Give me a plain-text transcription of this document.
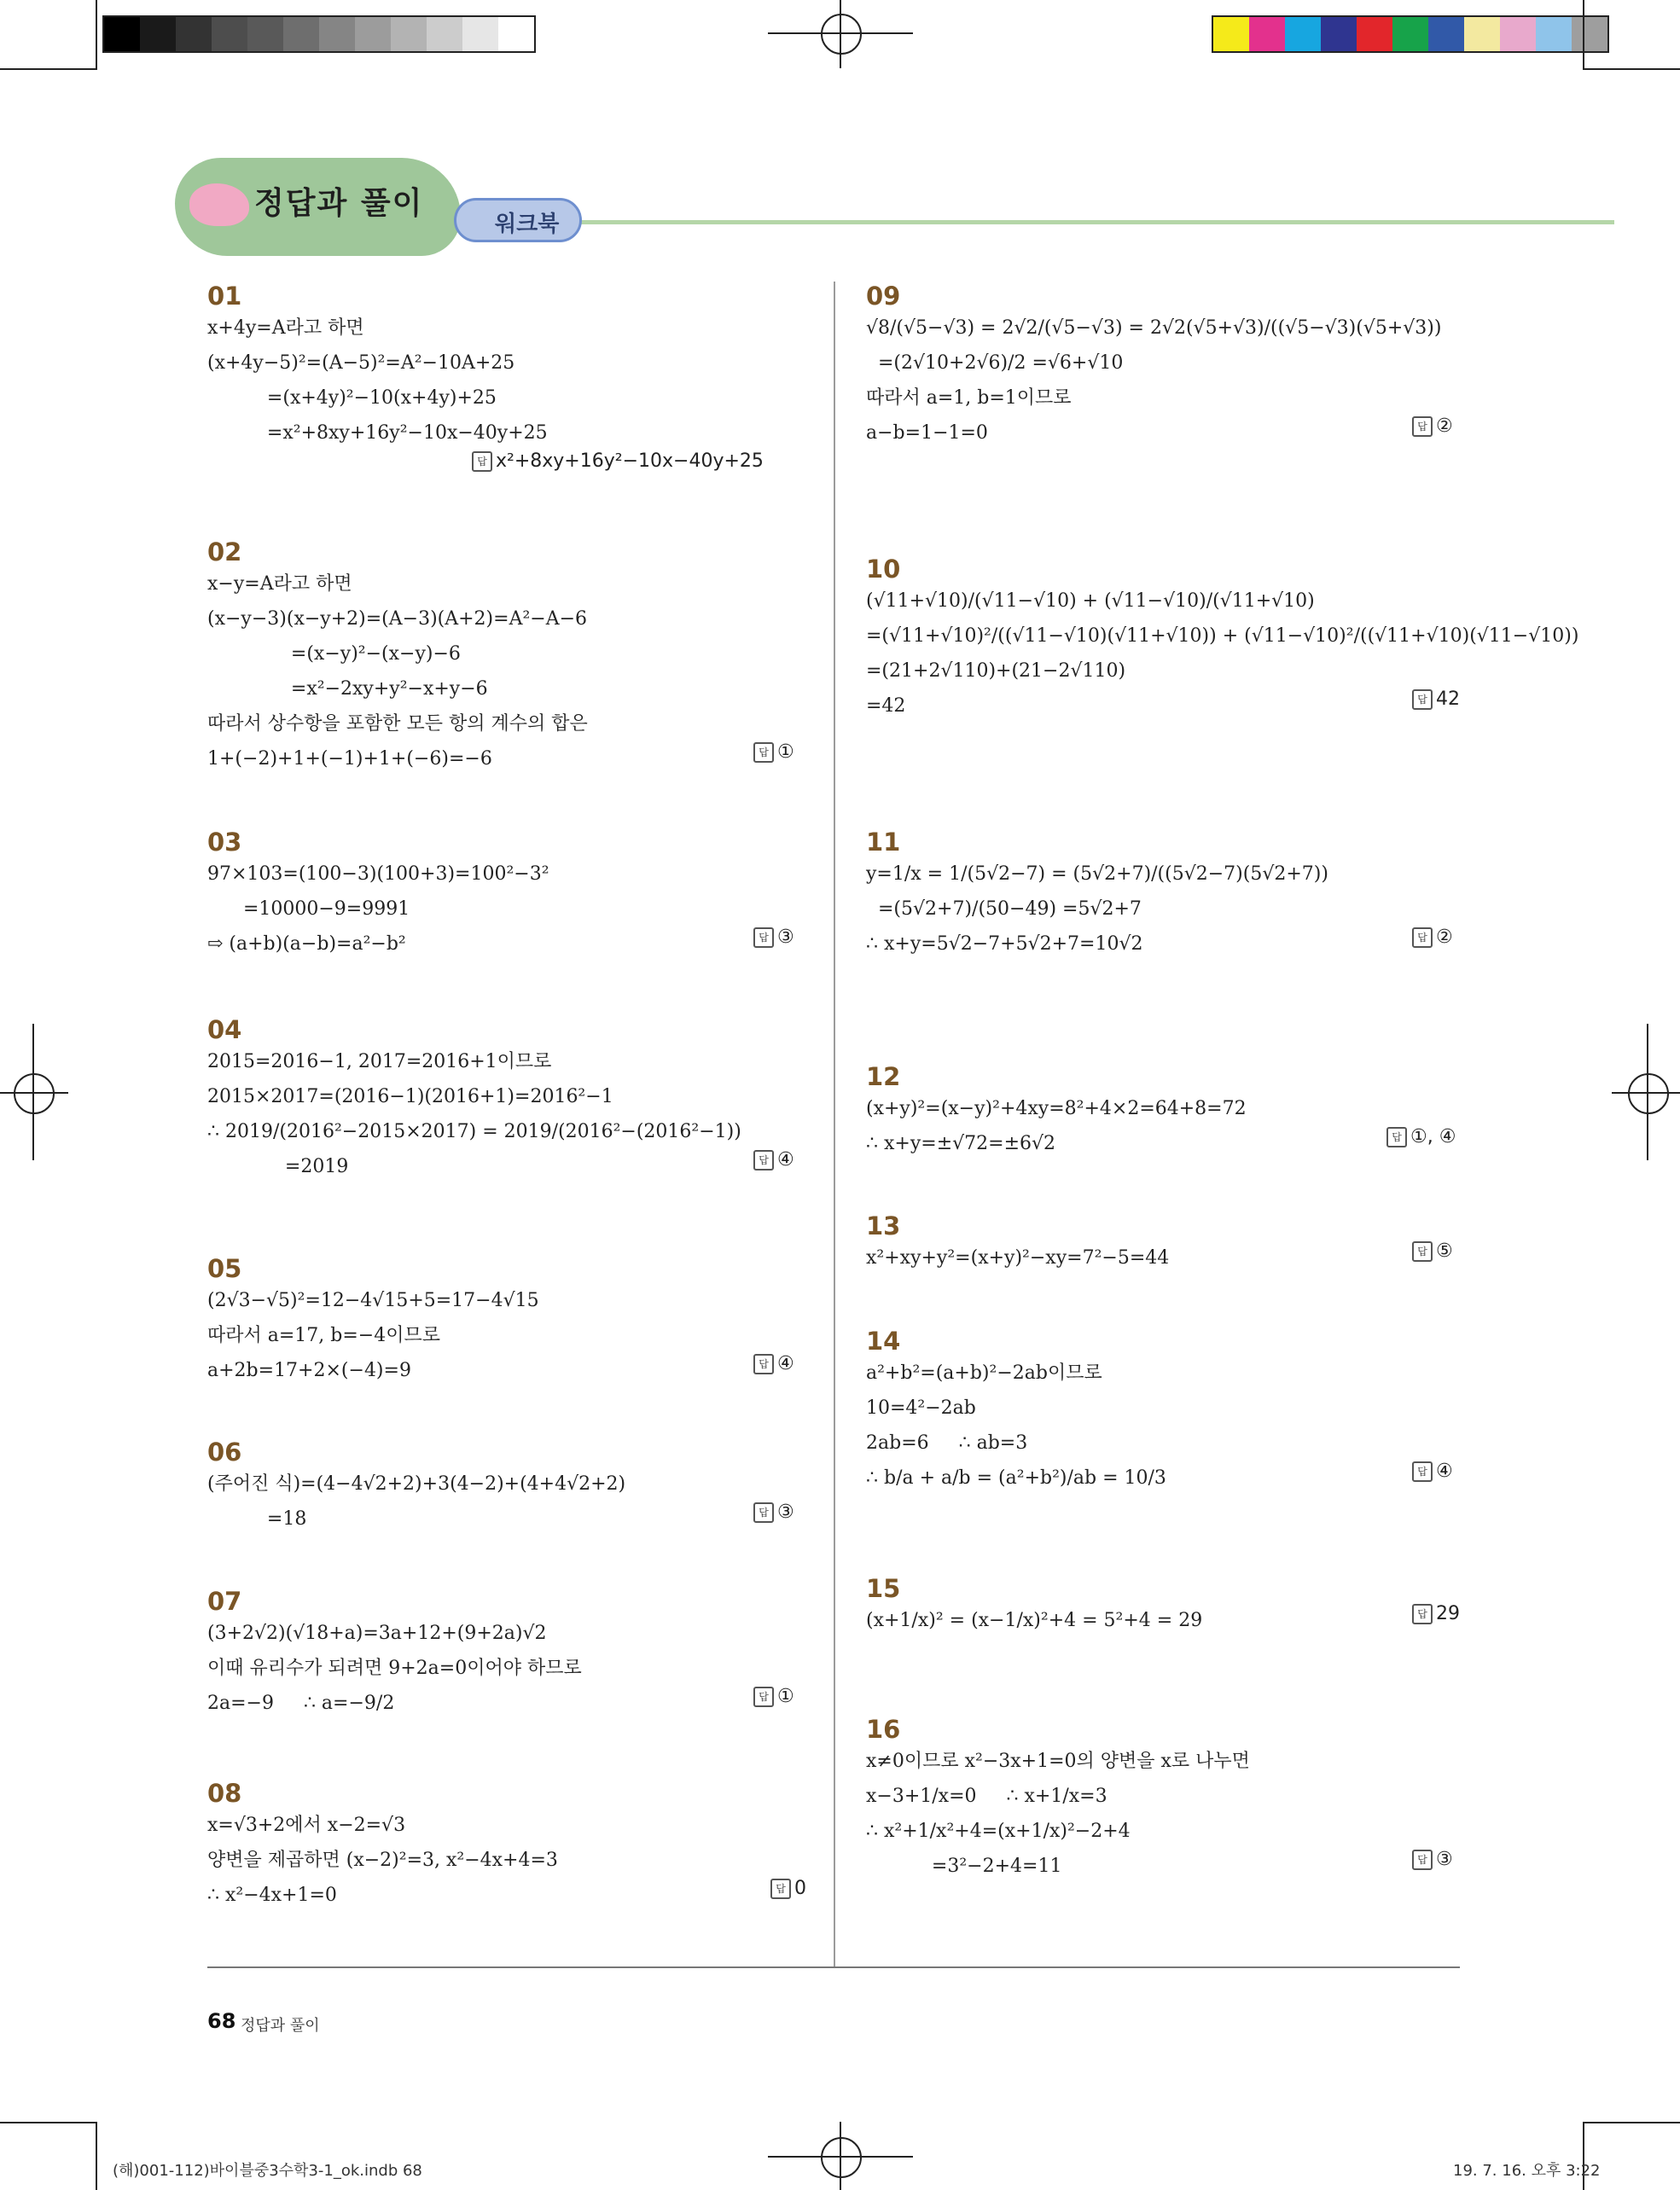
정답과 풀이
워크북
01
x+4y=A라고 하면
(x+4y−5)²=(A−5)²=A²−10A+25
=(x+4y)²−10(x+4y)+25
=x²+8xy+16y²−10x−40y+25
답 x²+8xy+16y²−10x−40y+25
02
x−y=A라고 하면
(x−y−3)(x−y+2)=(A−3)(A+2)=A²−A−6
=(x−y)²−(x−y)−6
=x²−2xy+y²−x+y−6
따라서 상수항을 포함한 모든 항의 계수의 합은
1+(−2)+1+(−1)+1+(−6)=−6	답 ①
03
97×103=(100−3)(100+3)=100²−3²
=10000−9=9991
⇨ (a+b)(a−b)=a²−b²	답 ③
04
2015=2016−1, 2017=2016+1이므로
2015×2017=(2016−1)(2016+1)=2016²−1
∴ 2019/(2016²−2015×2017) = 2019/(2016²−(2016²−1))
=2019	답 ④
05
(2√3−√5)²=12−4√15+5=17−4√15
따라서 a=17, b=−4이므로
a+2b=17+2×(−4)=9	답 ④
06
(주어진 식)=(4−4√2+2)+3(4−2)+(4+4√2+2)
=18	답 ③
07
(3+2√2)(√18+a)=3a+12+(9+2a)√2
이때 유리수가 되려면 9+2a=0이어야 하므로
2a=−9     ∴ a=−9/2	답 ①
08
x=√3+2에서 x−2=√3
양변을 제곱하면 (x−2)²=3, x²−4x+4=3
∴ x²−4x+1=0	답 0
09
√8/(√5−√3) = 2√2/(√5−√3) = 2√2(√5+√3)/((√5−√3)(√5+√3))
=(2√10+2√6)/2 =√6+√10
따라서 a=1, b=1이므로
a−b=1−1=0	답 ②
10
(√11+√10)/(√11−√10) + (√11−√10)/(√11+√10)
=(√11+√10)²/((√11−√10)(√11+√10)) + (√11−√10)²/((√11+√10)(√11−√10))
=(21+2√110)+(21−2√110)
=42	답 42
11
y=1/x = 1/(5√2−7) = (5√2+7)/((5√2−7)(5√2+7))
=(5√2+7)/(50−49) =5√2+7
∴ x+y=5√2−7+5√2+7=10√2	답 ②
12
(x+y)²=(x−y)²+4xy=8²+4×2=64+8=72
∴ x+y=±√72=±6√2	답 ①, ④
13
x²+xy+y²=(x+y)²−xy=7²−5=44	답 ⑤
14
a²+b²=(a+b)²−2ab이므로
10=4²−2ab
2ab=6     ∴ ab=3
∴ b/a + a/b = (a²+b²)/ab = 10/3	답 ④
15
(x+1/x)² = (x−1/x)²+4 = 5²+4 = 29	답 29
16
x≠0이므로 x²−3x+1=0의 양변을 x로 나누면
x−3+1/x=0     ∴ x+1/x=3
∴ x²+1/x²+4=(x+1/x)²−2+4
=3²−2+4=11	답 ③
68 정답과 풀이
(해)001-112)바이블중3수학3-1_ok.indb 68	19. 7. 16. 오후 3:22
